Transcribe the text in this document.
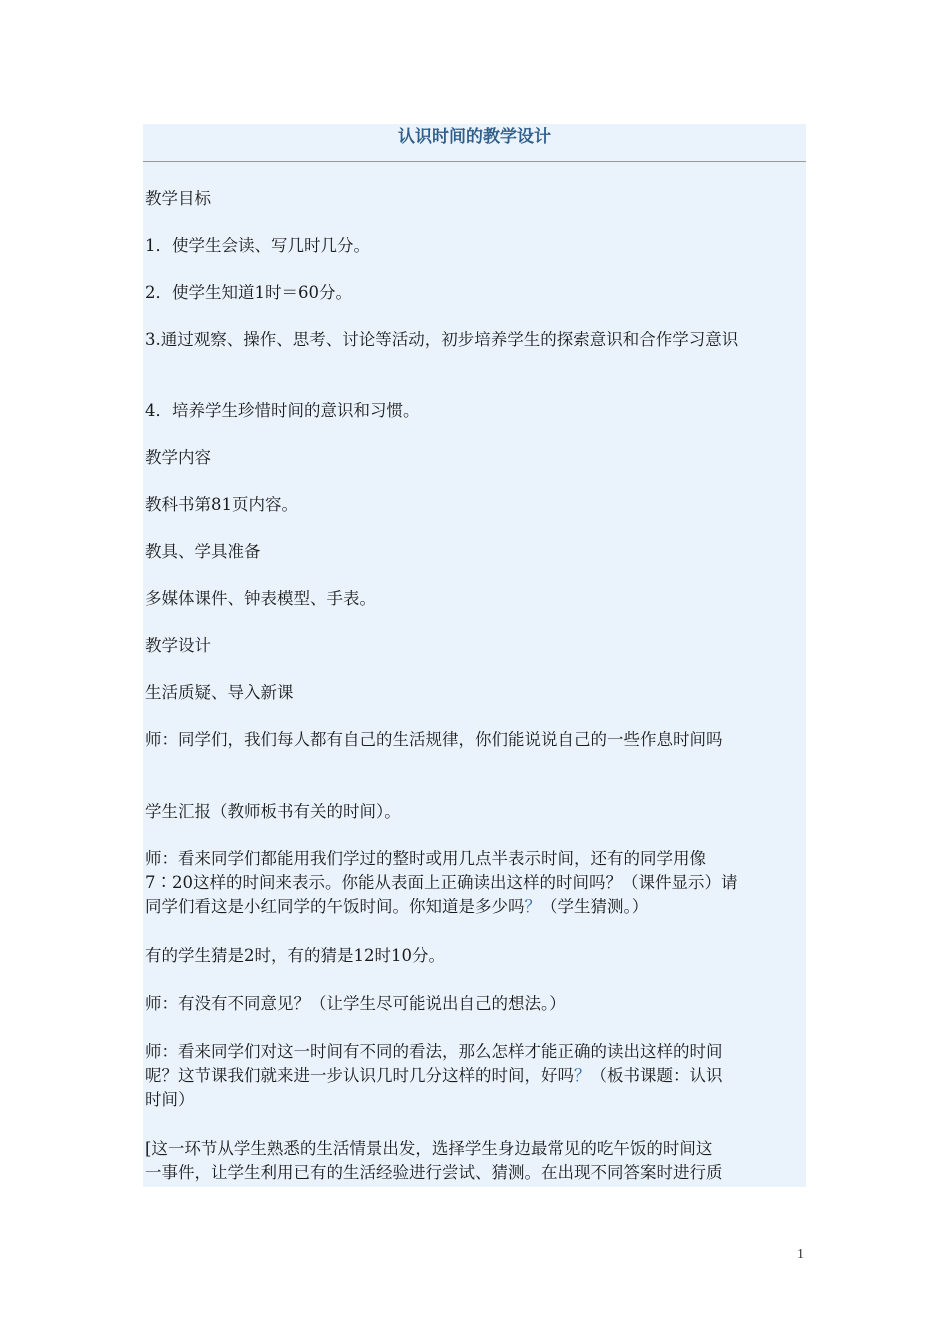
认识时间的教学设计
教学目标
1．使学生会读、写几时几分。
2．使学生知道1时＝60分。
3.通过观察、操作、思考、讨论等活动，初步培养学生的探索意识和合作学习意识
4．培养学生珍惜时间的意识和习惯。
教学内容
教科书第81页内容。
教具、学具准备
多媒体课件、钟表模型、手表。
教学设计
生活质疑、导入新课
师：同学们，我们每人都有自己的生活规律，你们能说说自己的一些作息时间吗
学生汇报（教师板书有关的时间）。
师：看来同学们都能用我们学过的整时或用几点半表示时间，还有的同学用像
7∶20这样的时间来表示。你能从表面上正确读出这样的时间吗？（课件显示）请
同学们看这是小红同学的午饭时间。你知道是多少吗？（学生猜测。）
有的学生猜是2时，有的猜是12时10分。
师：有没有不同意见？（让学生尽可能说出自己的想法。）
师：看来同学们对这一时间有不同的看法，那么怎样才能正确的读出这样的时间
呢？这节课我们就来进一步认识几时几分这样的时间，好吗？（板书课题：认识
时间）
[这一环节从学生熟悉的生活情景出发，选择学生身边最常见的吃午饭的时间这
一事件，让学生利用已有的生活经验进行尝试、猜测。在出现不同答案时进行质
1
